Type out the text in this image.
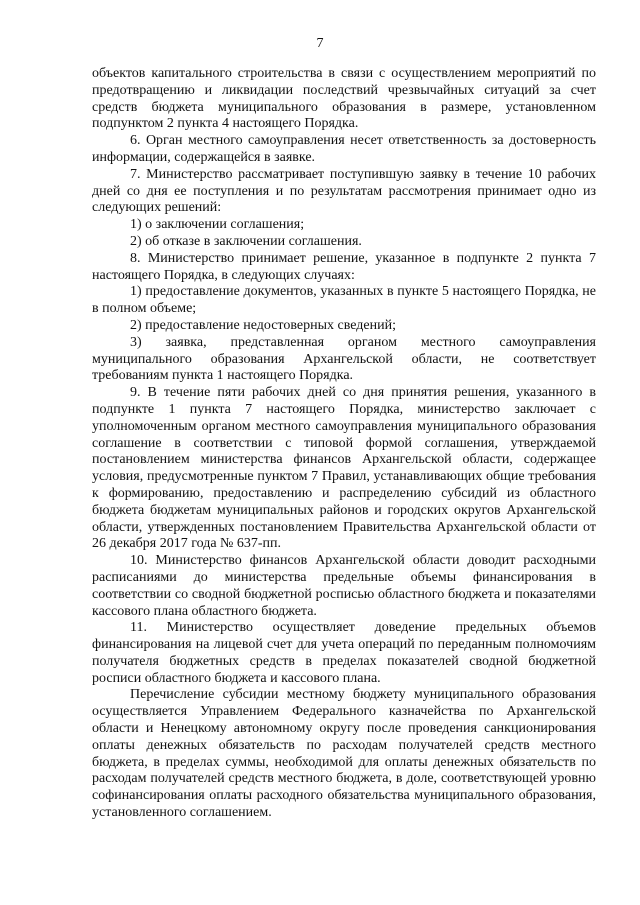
7

объектов капитального строительства в связи с осуществлением мероприятий по предотвращению и ликвидации последствий чрезвычайных ситуаций за счет средств бюджета муниципального образования в размере, установленном подпунктом 2 пункта 4 настоящего Порядка.

6. Орган местного самоуправления несет ответственность за достоверность информации, содержащейся в заявке.

7. Министерство рассматривает поступившую заявку в течение 10 рабочих дней со дня ее поступления и по результатам рассмотрения принимает одно из следующих решений:

1) о заключении соглашения;

2) об отказе в заключении соглашения.

8. Министерство принимает решение, указанное в подпункте 2 пункта 7 настоящего Порядка, в следующих случаях:

1) предоставление документов, указанных в пункте 5 настоящего Порядка, не в полном объеме;

2) предоставление недостоверных сведений;

3) заявка, представленная органом местного самоуправления муниципального образования Архангельской области, не соответствует требованиям пункта 1 настоящего Порядка.

9. В течение пяти рабочих дней со дня принятия решения, указанного в подпункте 1 пункта 7 настоящего Порядка, министерство заключает с уполномоченным органом местного самоуправления муниципального образования соглашение в соответствии с типовой формой соглашения, утверждаемой постановлением министерства финансов Архангельской области, содержащее условия, предусмотренные пунктом 7 Правил, устанавливающих общие требования к формированию, предоставлению и распределению субсидий из областного бюджета бюджетам муниципальных районов и городских округов Архангельской области, утвержденных постановлением Правительства Архангельской области от 26 декабря 2017 года № 637-пп.

10. Министерство финансов Архангельской области доводит расходными расписаниями до министерства предельные объемы финансирования в соответствии со сводной бюджетной росписью областного бюджета и показателями кассового плана областного бюджета.

11. Министерство осуществляет доведение предельных объемов финансирования на лицевой счет для учета операций по переданным полномочиям получателя бюджетных средств в пределах показателей сводной бюджетной росписи областного бюджета и кассового плана.

Перечисление субсидии местному бюджету муниципального образования осуществляется Управлением Федерального казначейства по Архангельской области и Ненецкому автономному округу после проведения санкционирования оплаты денежных обязательств по расходам получателей средств местного бюджета, в пределах суммы, необходимой для оплаты денежных обязательств по расходам получателей средств местного бюджета, в доле, соответствующей уровню софинансирования оплаты расходного обязательства муниципального образования, установленного соглашением.
